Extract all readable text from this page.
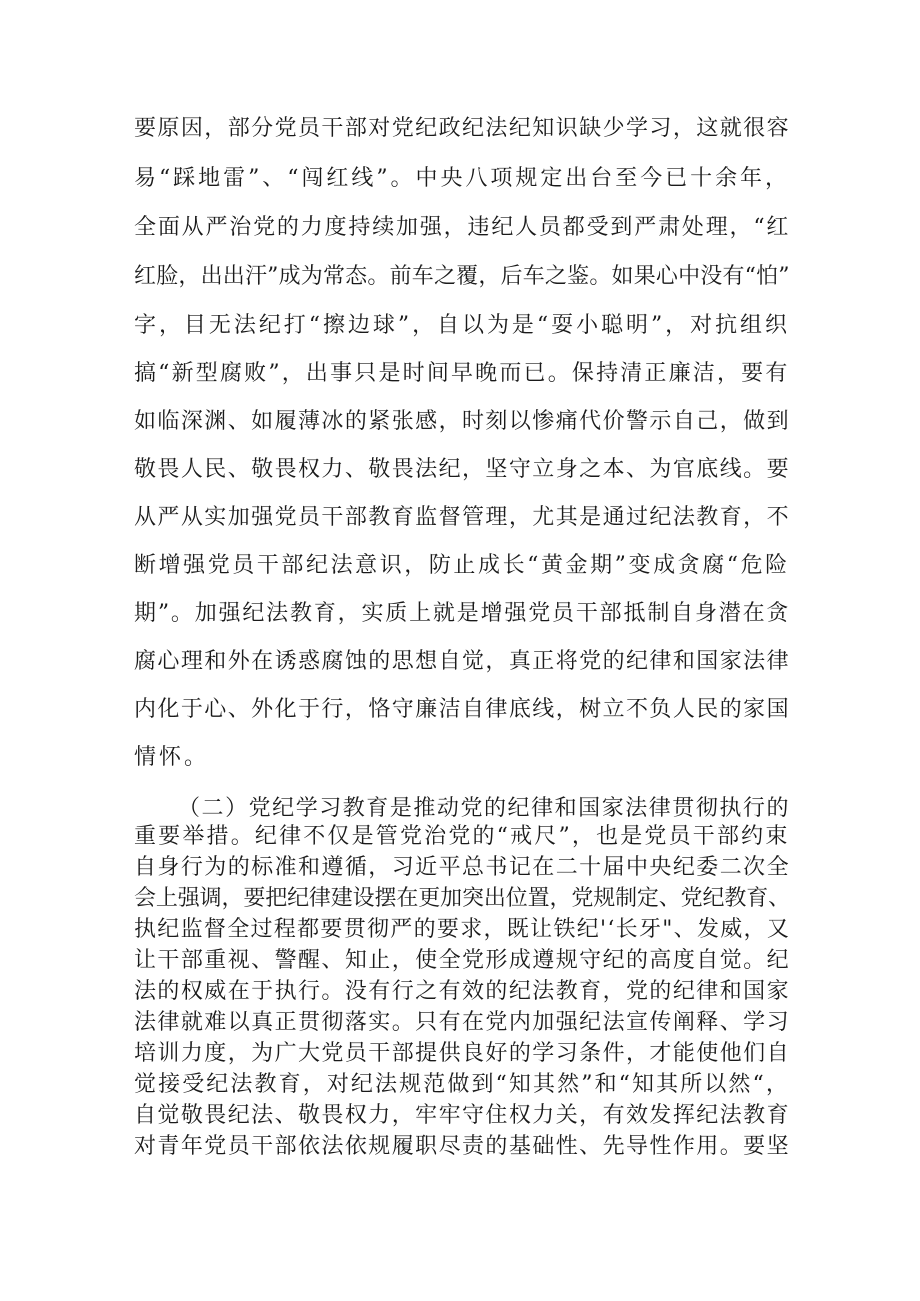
要原因，部分党员干部对党纪政纪法纪知识缺少学习，这就很容
易“踩地雷”、“闯红线”。中央八项规定出台至今已十余年，
全面从严治党的力度持续加强，违纪人员都受到严肃处理，“红
红脸，出出汗”成为常态。前车之覆，后车之鉴。如果心中没有“怕”
字，目无法纪打“擦边球”，自以为是“耍小聪明”，对抗组织
搞“新型腐败”，出事只是时间早晚而已。保持清正廉洁，要有
如临深渊、如履薄冰的紧张感，时刻以惨痛代价警示自己，做到
敬畏人民、敬畏权力、敬畏法纪，坚守立身之本、为官底线。要
从严从实加强党员干部教育监督管理，尤其是通过纪法教育，不
断增强党员干部纪法意识，防止成长“黄金期”变成贪腐“危险
期”。加强纪法教育，实质上就是增强党员干部抵制自身潜在贪
腐心理和外在诱惑腐蚀的思想自觉，真正将党的纪律和国家法律
内化于心、外化于行，恪守廉洁自律底线，树立不负人民的家国
情怀。
（二）党纪学习教育是推动党的纪律和国家法律贯彻执行的
重要举措。纪律不仅是管党治党的“戒尺”，也是党员干部约束
自身行为的标准和遵循，习近平总书记在二十届中央纪委二次全
会上强调，要把纪律建设摆在更加突出位置，党规制定、党纪教育、
执纪监督全过程都要贯彻严的要求，既让铁纪'‘长牙"、发威，又
让干部重视、警醒、知止，使全党形成遵规守纪的高度自觉。纪
法的权威在于执行。没有行之有效的纪法教育，党的纪律和国家
法律就难以真正贯彻落实。只有在党内加强纪法宣传阐释、学习
培训力度，为广大党员干部提供良好的学习条件，才能使他们自
觉接受纪法教育，对纪法规范做到“知其然”和“知其所以然“，
自觉敬畏纪法、敬畏权力，牢牢守住权力关，有效发挥纪法教育
对青年党员干部依法依规履职尽责的基础性、先导性作用。要坚
